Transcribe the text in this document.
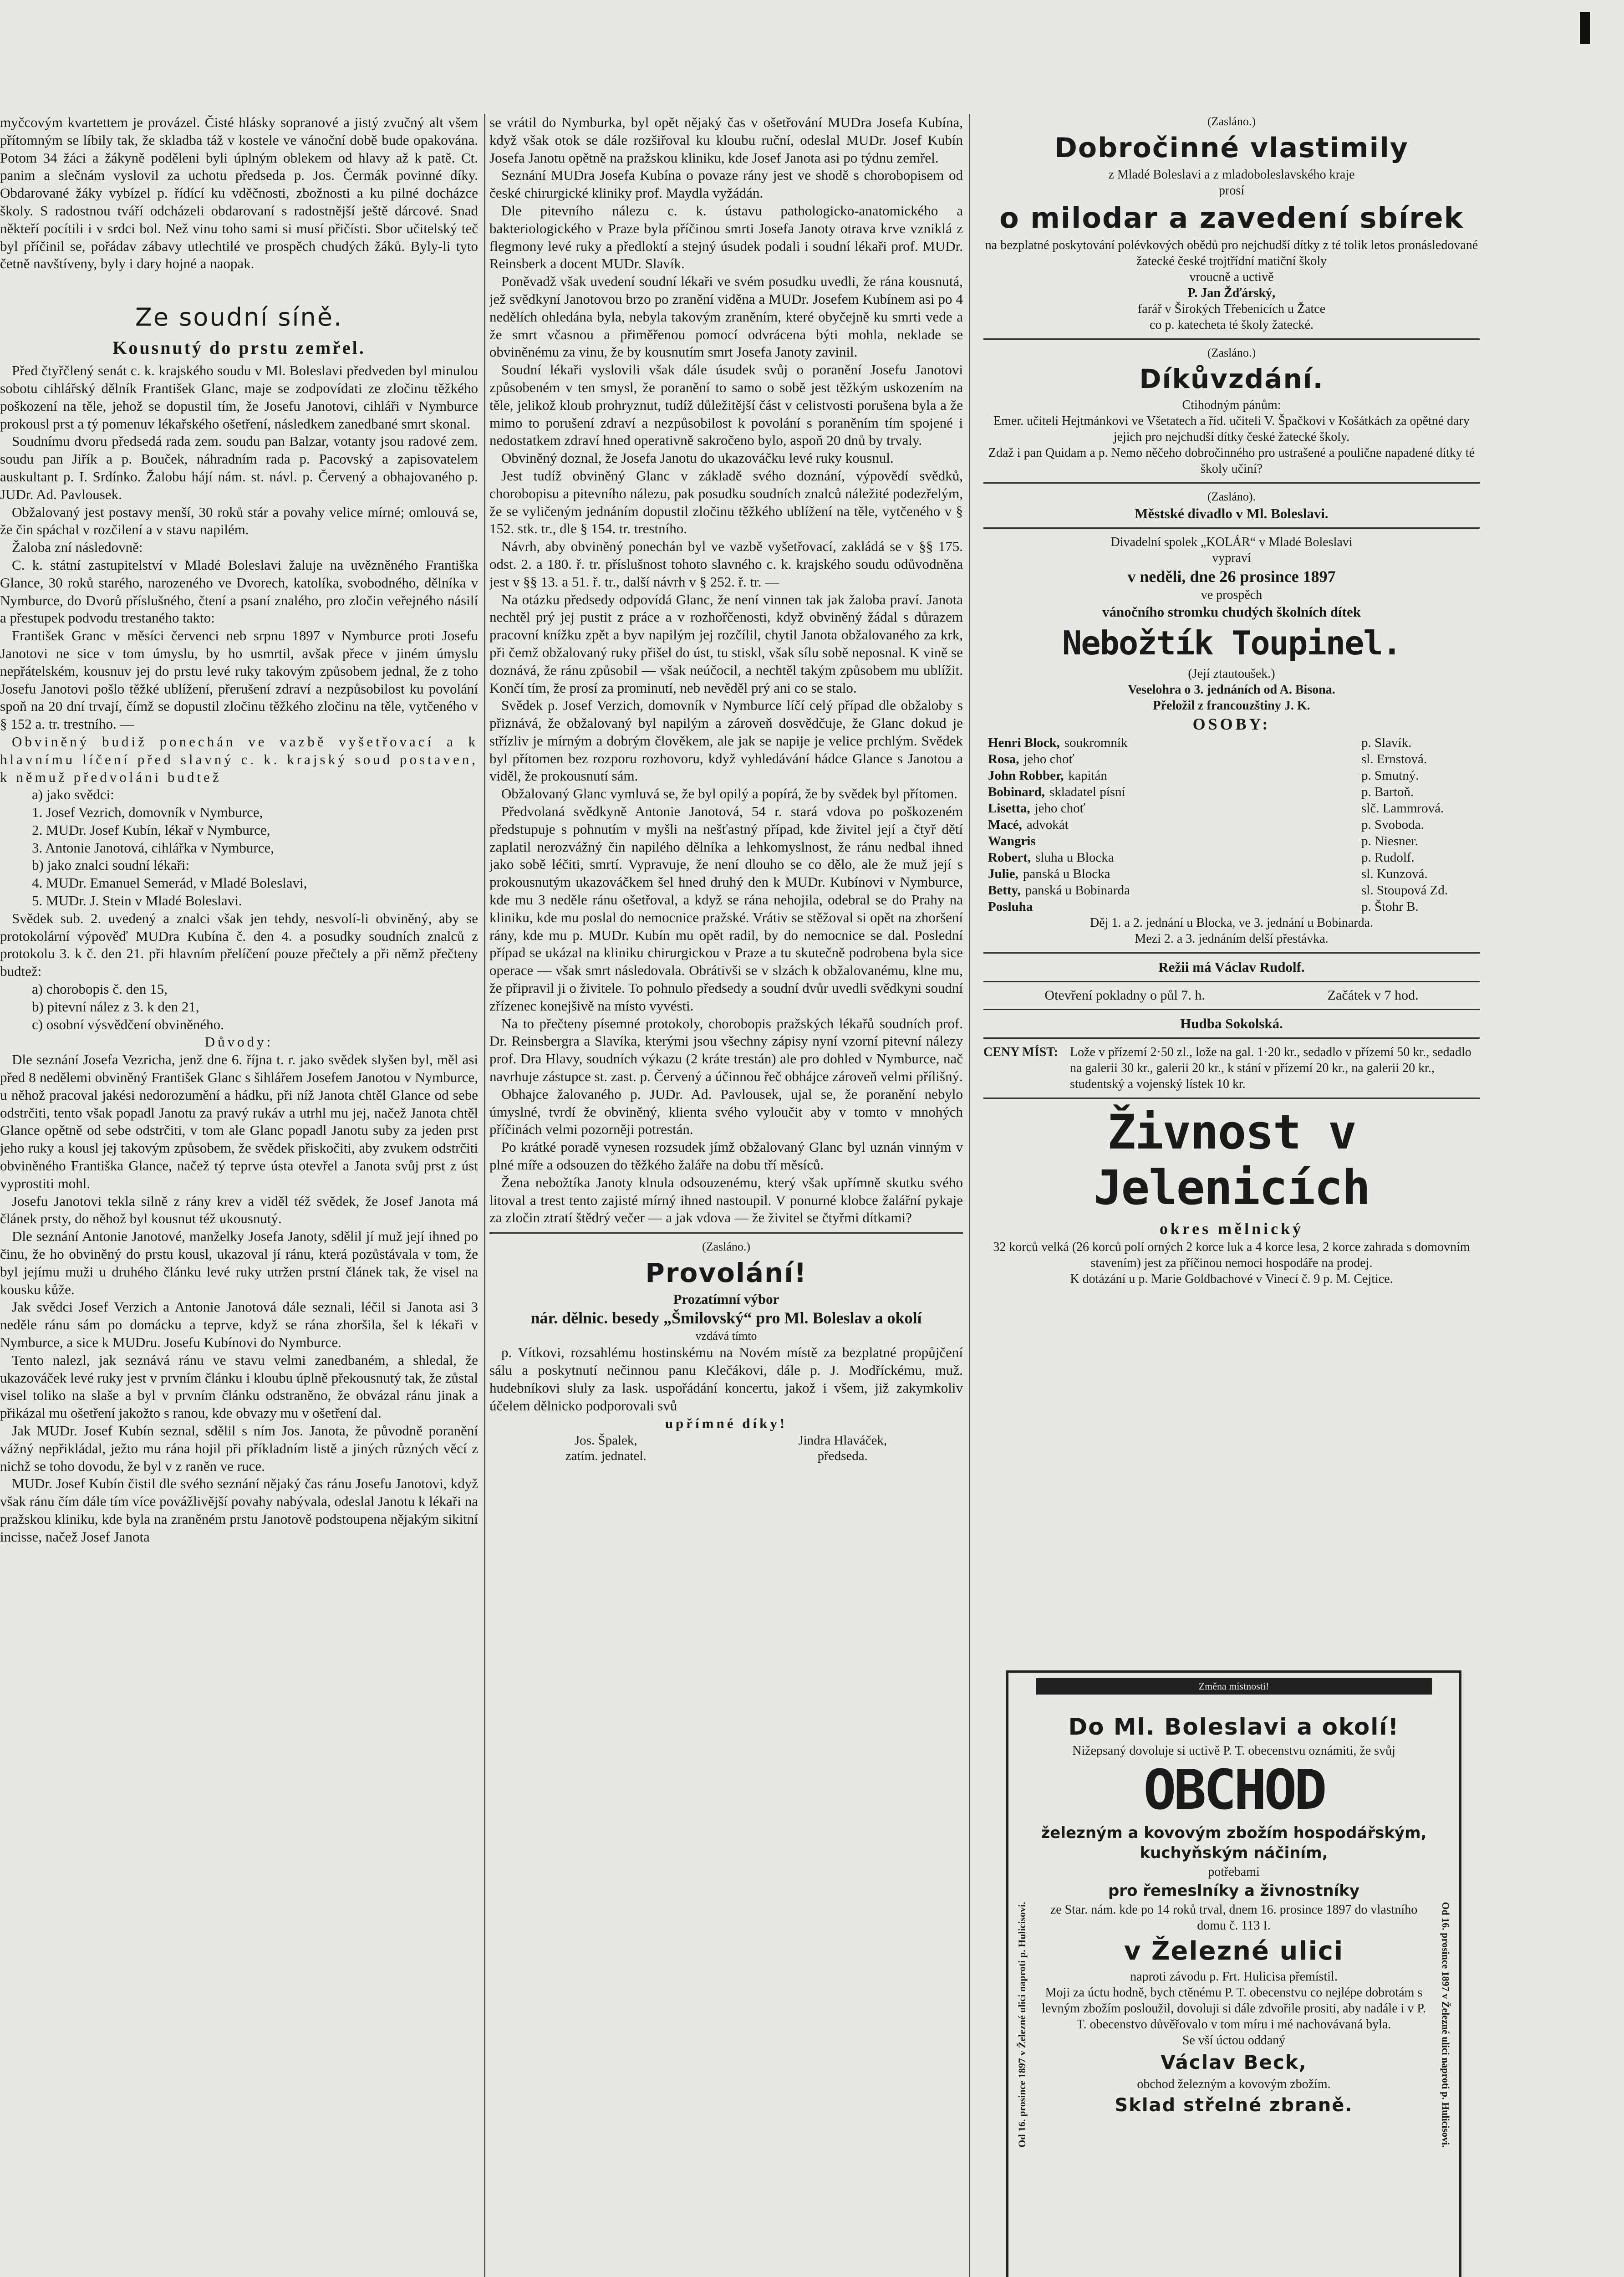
myčcovým kvartettem je provázel. Čisté hlásky sopranové a jistý zvučný alt všem přítomným se líbily tak, že skladba táž v kostele ve vánoční době bude opakována. Potom 34 žáci a žákyně poděleni byli úplným oblekem od hlavy až k patě. Ct. panim a slečnám vyslovil za uchotu předseda p. Jos. Čermák povinné díky. Obdarované žáky vybízel p. řídící ku vděčnosti, zbožnosti a ku pilné docházce školy. S radostnou tváří odcházeli obdarovaní s radostnější ještě dárcové. Snad někteří pocítili i v srdci bol. Než vinu toho sami si musí přičísti. Sbor učitelský teč byl příčinil se, pořádav zábavy utlechtilé ve prospěch chudých žáků. Byly-li tyto četně navštíveny, byly i dary hojné a naopak.

Ze soudní síně.
Kousnutý do prstu zemřel.

Před čtyřčlený senát c. k. krajského soudu v Ml. Boleslavi předveden byl minulou sobotu cihlářský dělník František Glanc, maje se zodpovídati ze zločinu těžkého poškození na těle, jehož se dopustil tím, že Josefu Janotovi, cihláři v Nymburce prokousl prst a tý pomenuv lékařského ošetření, následkem zanedbané smrt skonal.

Soudnímu dvoru předsedá rada zem. soudu pan Balzar, votanty jsou radové zem. soudu pan Jiřík a p. Bouček, náhradním rada p. Pacovský a zapisovatelem auskultant p. I. Srdínko. Žalobu hájí nám. st. návl. p. Červený a obhajovaného p. JUDr. Ad. Pavlousek.

Obžalovaný jest postavy menší, 30 roků stár a povahy velice mírné; omlouvá se, že čin spáchal v rozčilení a v stavu napilém.

Žaloba zní následovně:

C. k. státní zastupitelství v Mladé Boleslavi žaluje na uvězněného Františka Glance, 30 roků starého, narozeného ve Dvorech, katolíka, svobodného, dělníka v Nymburce, do Dvorů příslušného, čtení a psaní znalého, pro zločin veřejného násilí a přestupek podvodu trestaného takto:

František Granc v měsíci červenci neb srpnu 1897 v Nymburce proti Josefu Janotovi ne sice v tom úmyslu, by ho usmrtil, avšak přece v jiném úmyslu nepřátelském, kousnuv jej do prstu levé ruky takovým způsobem jednal, že z toho Josefu Janotovi pošlo těžké ublížení, přerušení zdraví a nezpůsobilost ku povolání spoň na 20 dní trvají, čímž se dopustil zločinu těžkého zločinu na těle, vytčeného v § 152 a. tr. trestního. —

Obviněný budiž ponechán ve vazbě vyšetřovací a k hlavnímu líčení před slavný c. k. krajský soud postaven, k němuž předvoláni budtež

a) jako svědci:

1. Josef Vezrich, domovník v Nymburce,

2. MUDr. Josef Kubín, lékař v Nymburce,

3. Antonie Janotová, cihlářka v Nymburce,

b) jako znalci soudní lékaři:

4. MUDr. Emanuel Semerád, v Mladé Boleslavi,

5. MUDr. J. Stein v Mladé Boleslavi.

Svědek sub. 2. uvedený a znalci však jen tehdy, nesvolí-li obviněný, aby se protokolární výpověď MUDra Kubína č. den 4. a posudky soudních znalců z protokolu 3. k č. den 21. při hlavním přelíčení pouze přečtely a při němž přečteny budtež:

a) chorobopis č. den 15,

b) pitevní nález z 3. k den 21,

c) osobní výsvědčení obviněného.

Důvody:

Dle seznání Josefa Vezricha, jenž dne 6. října t. r. jako svědek slyšen byl, měl asi před 8 nedělemi obviněný František Glanc s šihlářem Josefem Janotou v Nymburce, u něhož pracoval jakési nedorozumění a hádku, při níž Janota chtěl Glance od sebe odstrčiti, tento však popadl Janotu za pravý rukáv a utrhl mu jej, načež Janota chtěl Glance opětně od sebe odstrčiti, v tom ale Glanc popadl Janotu suby za jeden prst jeho ruky a kousl jej takovým způsobem, že svědek přiskočiti, aby zvukem odstrčiti obviněného Františka Glance, načež tý teprve ústa otevřel a Janota svůj prst z úst vyprostiti mohl.

Josefu Janotovi tekla silně z rány krev a viděl též svědek, že Josef Janota má článek prsty, do něhož byl kousnut též ukousnutý.

Dle seznání Antonie Janotové, manželky Josefa Janoty, sdělil jí muž její ihned po činu, že ho obviněný do prstu kousl, ukazoval jí ránu, která pozůstávala v tom, že byl jejímu muži u druhého článku levé ruky utržen prstní článek tak, že visel na kousku kůže.

Jak svědci Josef Verzich a Antonie Janotová dále seznali, léčil si Janota asi 3 neděle ránu sám po domácku a teprve, když se rána zhoršila, šel k lékaři v Nymburce, a sice k MUDru. Josefu Kubínovi do Nymburce.

Tento nalezl, jak seznává ránu ve stavu velmi zanedbaném, a shledal, že ukazováček levé ruky jest v prvním článku i kloubu úplně překousnutý tak, že zůstal visel toliko na slaše a byl v prvním článku odstraněno, že obvázal ránu jinak a přikázal mu ošetření jakožto s ranou, kde obvazy mu v ošetření dal.

Jak MUDr. Josef Kubín seznal, sdělil s ním Jos. Janota, že původně poranění vážný nepřikládal, ježto mu rána hojil při příkladním listě a jiných různých věcí z nichž se toho dovodu, že byl v z raněn ve ruce.

MUDr. Josef Kubín čistil dle svého seznání nějaký čas ránu Josefu Janotovi, když však ránu čím dále tím více povážlivější povahy nabývala, odeslal Janotu k lékaři na pražskou kliniku, kde byla na zraněném prstu Janotově podstoupena nějakým sikitní incisse, načež Josef Janota

se vrátil do Nymburka, byl opět nějaký čas v ošetřování MUDra Josefa Kubína, když však otok se dále rozšiřoval ku kloubu ruční, odeslal MUDr. Josef Kubín Josefa Janotu opětně na pražskou kliniku, kde Josef Janota asi po týdnu zemřel.

Seznání MUDra Josefa Kubína o povaze rány jest ve shodě s chorobopisem od české chirurgické kliniky prof. Maydla vyžádán.

Dle pitevního nálezu c. k. ústavu pathologicko-anatomického a bakteriologického v Praze byla příčinou smrti Josefa Janoty otrava krve vzniklá z flegmony levé ruky a předloktí a stejný úsudek podali i soudní lékaři prof. MUDr. Reinsberk a docent MUDr. Slavík.

Poněvadž však uvedení soudní lékaři ve svém posudku uvedli, že rána kousnutá, jež svědkyní Janotovou brzo po zranění viděna a MUDr. Josefem Kubínem asi po 4 nedělích ohledána byla, nebyla takovým zraněním, které obyčejně ku smrti vede a že smrt včasnou a přiměřenou pomocí odvrácena býti mohla, neklade se obviněnému za vinu, že by kousnutím smrt Josefa Janoty zavinil.

Soudní lékaři vyslovili však dále úsudek svůj o poranění Josefu Janotovi způsobeném v ten smysl, že poranění to samo o sobě jest těžkým uskozením na těle, jelikož kloub prohryznut, tudíž důležitější část v celistvosti porušena byla a že mimo to porušení zdraví a nezpůsobilost k povolání s poraněním tím spojené i nedostatkem zdraví hned operativně sakročeno bylo, aspoň 20 dnů by trvaly.

Obviněný doznal, že Josefa Janotu do ukazováčku levé ruky kousnul.

Jest tudíž obviněný Glanc v základě svého doznání, výpovědí svědků, chorobopisu a pitevního nálezu, pak posudku soudních znalců náležité podezřelým, že se vyličeným jednáním dopustil zločinu těžkého ublížení na těle, vytčeného v § 152. stk. tr., dle § 154. tr. trestního.

Návrh, aby obviněný ponechán byl ve vazbě vyšetřovací, zakládá se v §§ 175. odst. 2. a 180. ř. tr. příslušnost tohoto slavného c. k. krajského soudu odůvodněna jest v §§ 13. a 51. ř. tr., další návrh v § 252. ř. tr. —

Na otázku předsedy odpovídá Glanc, že není vinnen tak jak žaloba praví. Janota nechtěl prý jej pustit z práce a v rozhořčenosti, když obviněný žádal s důrazem pracovní knížku zpět a byv napilým jej rozčílil, chytil Janota obžalovaného za krk, při čemž obžalovaný ruky přišel do úst, tu stiskl, však sílu sobě neposnal. K vině se doznává, že ránu způsobil — však neúčocil, a nechtěl takým způsobem mu ublížit. Končí tím, že prosí za prominutí, neb nevěděl prý ani co se stalo.

Svědek p. Josef Verzich, domovník v Nymburce líčí celý případ dle obžaloby s přiznává, že obžalovaný byl napilým a zároveň dosvědčuje, že Glanc dokud je střízliv je mírným a dobrým člověkem, ale jak se napije je velice prchlým. Svědek byl přítomen bez rozporu rozhovoru, když vyhledávání hádce Glance s Janotou a viděl, že prokousnutí sám.

Obžalovaný Glanc vymluvá se, že byl opilý a popírá, že by svědek byl přítomen.

Předvolaná svědkyně Antonie Janotová, 54 r. stará vdova po poškozeném předstupuje s pohnutím v myšli na nešťastný případ, kde živitel její a čtyř dětí zaplatil nerozvážný čin napilého dělníka a lehkomyslnost, že ránu nedbal ihned jako sobě léčiti, smrtí. Vypravuje, že není dlouho se co dělo, ale že muž její s prokousnutým ukazováčkem šel hned druhý den k MUDr. Kubínovi v Nymburce, kde mu 3 neděle ránu ošetřoval, a když se rána nehojila, odebral se do Prahy na kliniku, kde mu poslal do nemocnice pražské. Vrátiv se stěžoval si opět na zhoršení rány, kde mu p. MUDr. Kubín mu opět radil, by do nemocnice se dal. Poslední případ se ukázal na kliniku chirurgickou v Praze a tu skutečně podrobena byla sice operace — však smrt následovala. Obrátivši se v slzách k obžalovanému, klne mu, že připravil ji o živitele. To pohnulo předsedy a soudní dvůr uvedli svědkyni soudní zřízenec konejšivě na místo vyvésti.

Na to přečteny písemné protokoly, chorobopis pražských lékařů soudních prof. Dr. Reinsbergra a Slavíka, kterými jsou všechny zápisy nyní vzorní pitevní nálezy prof. Dra Hlavy, soudních výkazu (2 kráte trestán) ale pro dohled v Nymburce, nač navrhuje zástupce st. zast. p. Červený a účinnou řeč obhájce zároveň velmi přílišný.

Obhajce žalovaného p. JUDr. Ad. Pavlousek, ujal se, že poranění nebylo úmyslné, tvrdí že obviněný, klienta svého vyloučit aby v tomto v mnohých příčinách velmi pozorněji potrestán.

Po krátké poradě vynesen rozsudek jímž obžalovaný Glanc byl uznán vinným v plné míře a odsouzen do těžkého žaláře na dobu tří měsíců.

Žena nebožtíka Janoty klnula odsouzenému, který však upřímně skutku svého litoval a trest tento zajisté mírný ihned nastoupil. V ponurné klobce žalářní pykaje za zločin ztratí štědrý večer — a jak vdova — že živitel se čtyřmi dítkami?

(Zasláno.)

Provolání!

Prozatímní výbor

nár. dělnic. besedy „Šmilovský“ pro Ml. Boleslav a okolí

vzdává tímto

p. Vítkovi, rozsahlému hostinskému na Novém místě za bezplatné propůjčení sálu a poskytnutí nečinnou panu Klečákovi, dále p. J. Modříckému, muž. hudebníkovi sluly za lask. uspořádání koncertu, jakož i všem, již zakymkoliv účelem dělnicko podporovali svů

upřímné díky!

Jos. Špalek,
zatím. jednatel.
Jindra Hlaváček,
předseda.

(Zasláno.)

Dobročinné vlastimily

z Mladé Boleslavi a z mladoboleslavského kraje

prosí

o milodar a zavedení sbírek

na bezplatné poskytování polévkových obědů pro nejchudší dítky z té tolik letos pronásledované žatecké české trojtřídní matiční školy

vroucně a uctivě

P. Jan Žďárský,

farář v Širokých Třebenicích u Žatce

co p. katecheta té školy žatecké.

(Zasláno.)

Díkůvzdání.

Ctihodným pánům:

Emer. učiteli Hejtmánkovi ve Všetatech a říd. učiteli V. Špačkovi v Košátkách za opětné dary jejich pro nejchudší dítky české žatecké školy.

Zdaž i pan Quidam a p. Nemo něčeho dobročinného pro ustrašené a poulične napadené dítky té školy učiní?

(Zasláno).

Městské divadlo v Ml. Boleslavi.

Divadelní spolek „KOLÁR“ v Mladé Boleslavi

vypraví

v neděli, dne 26 prosince 1897

ve prospěch

vánočního stromku chudých školních dítek

Nebožtík Toupinel.

(Její ztautoušek.)

Veselohra o 3. jednáních od A. Bisona.

Přeložil z francouzštiny J. K.

OSOBY:

Henri Block, soukromník	p. Slavík.
Rosa, jeho choť	sl. Ernstová.
John Robber, kapitán	p. Smutný.
Bobinard, skladatel písní	p. Bartoň.
Lisetta, jeho choť	slč. Lammrová.
Macé, advokát	p. Svoboda.
Wangris	p. Niesner.
Robert, sluha u Blocka	p. Rudolf.
Julie, panská u Blocka	sl. Kunzová.
Betty, panská u Bobinarda	sl. Stoupová Zd.
Posluha	p. Štohr B.

Děj 1. a 2. jednání u Blocka, ve 3. jednání u Bobinarda.

Mezi 2. a 3. jednáním delší přestávka.

Režii má Václav Rudolf.

Otevření pokladny o půl 7. h.	Začátek v 7 hod.

Hudba Sokolská.

CENY MÍST: Lože v přízemí 2·50 zl., lože na gal. 1·20 kr., sedadlo v přízemí 50 kr., sedadlo na galerii 30 kr., galerii 20 kr., k stání v přízemí 20 kr., na galerii 20 kr., studentský a vojenský lístek 10 kr.

Živnost v Jelenicích

okres mělnický

32 korců velká (26 korců polí orných 2 korce luk a 4 korce lesa, 2 korce zahrada s domovním stavením) jest za příčinou nemoci hospodáře na prodej.

K dotázání u p. Marie Goldbachové v Vinecí č. 9 p. M. Cejtice.

Změna místnosti!
Od 16. prosince 1897 v Železné ulici naproti p. Hulicisovi.	Od 16. prosince 1897 v Železné ulici naproti p. Hulicisovi.

Do Ml. Boleslavi a okolí!

Nižepsaný dovoluje si uctivě P. T. obecenstvu oznámiti, že svůj

OBCHOD

železným a kovovým zbožím hospodářským,

kuchyňským náčiním,

potřebami

pro řemeslníky a živnostníky

ze Star. nám. kde po 14 roků trval, dnem 16. prosince 1897 do vlastního domu č. 113 I.

v Železné ulici

naproti závodu p. Frt. Hulicisa přemístil.

Moji za úctu hodně, bych ctěnému P. T. obecenstvu co nejlépe dobrotám s levným zbožím posloužil, dovoluji si dále zdvořile prositi, aby nadále i v P. T. obecenstvo důvěřovalo v tom míru i mé nachovávaná byla.

Se vší úctou oddaný

Václav Beck,

obchod železným a kovovým zbožím.

Sklad střelné zbraně.
